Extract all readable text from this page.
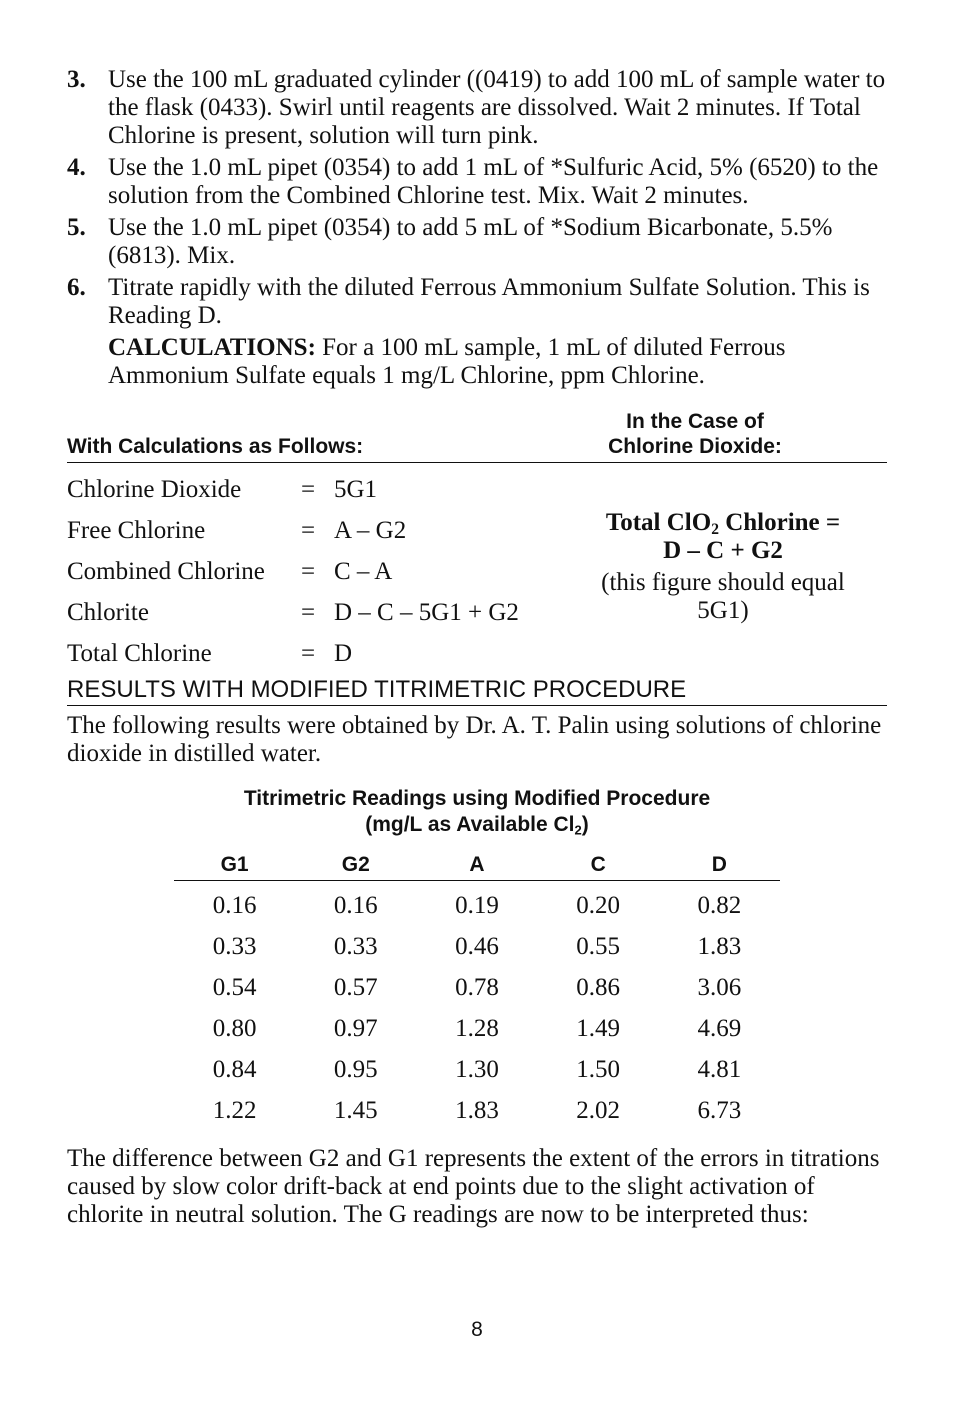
3. Use the 100 mL graduated cylinder ((0419) to add 100 mL of sample water to the flask (0433). Swirl until reagents are dissolved. Wait 2 minutes. If Total Chlorine is present, solution will turn pink.
4. Use the 1.0 mL pipet (0354) to add 1 mL of *Sulfuric Acid, 5% (6520) to the solution from the Combined Chlorine test. Mix. Wait 2 minutes.
5. Use the 1.0 mL pipet (0354) to add 5 mL of *Sodium Bicarbonate, 5.5% (6813). Mix.
6. Titrate rapidly with the diluted Ferrous Ammonium Sulfate Solution. This is Reading D.
CALCULATIONS: For a 100 mL sample, 1 mL of diluted Ferrous Ammonium Sulfate equals 1 mg/L Chlorine, ppm Chlorine.
With Calculations as Follows:
In the Case of
Chlorine Dioxide:
Chlorine Dioxide = 5G1
Free Chlorine	= A – G2
Combined Chlorine = C – A
Chlorite	= D – C – 5G1 + G2
Total Chlorine	= D
Total ClO$_2$ Chlorine =
D – C + G2
(this figure should equal 5G1)
RESULTS WITH MODIFIED TITRIMETRIC PROCEDURE
The following results were obtained by Dr. A. T. Palin using solutions of chlorine dioxide in distilled water.
Titrimetric Readings using Modified Procedure
(mg/L as Available $Cl_2$)
G1	G2	A	C	D
0.16	0.16	0.19	0.20	0.82
0.33	0.33	0.46	0.55	1.83
0.54	0.57	0.78	0.86	3.06
0.80	0.97	1.28	1.49	4.69
0.84	0.95	1.30	1.50	4.81
1.22	1.45	1.83	2.02	6.73
The difference between G2 and G1 represents the extent of the errors in titrations caused by slow color drift-back at end points due to the slight activation of chlorite in neutral solution. The G readings are now to be interpreted thus:
8
